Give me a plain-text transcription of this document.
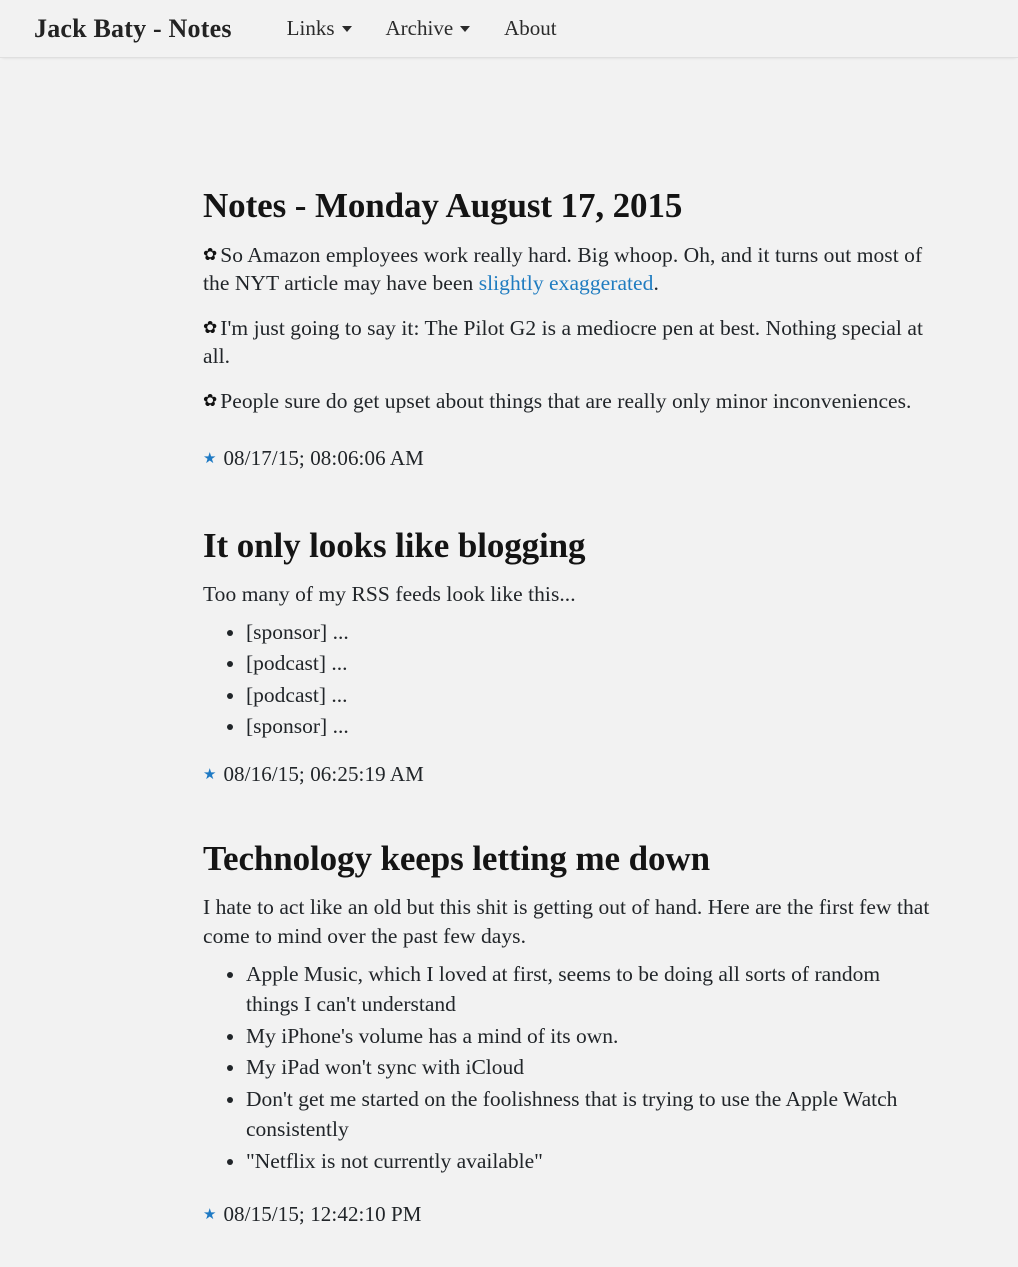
Jack Baty - Notes	Links Archive About
Notes - Monday August 17, 2015

✿ So Amazon employees work really hard. Big whoop. Oh, and it turns out most of the NYT article may have been slightly exaggerated.

✿ I'm just going to say it: The Pilot G2 is a mediocre pen at best. Nothing special at all.

✿ People sure do get upset about things that are really only minor inconveniences.

★ 08/17/15; 08:06:06 AM
It only looks like blogging

Too many of my RSS feeds look like this...

• [sponsor] ...
• [podcast] ...
• [podcast] ...
• [sponsor] ...
★ 08/16/15; 06:25:19 AM
Technology keeps letting me down

I hate to act like an old but this shit is getting out of hand. Here are the first few that come to mind over the past few days.

• Apple Music, which I loved at first, seems to be doing all sorts of random things I can't understand
• My iPhone's volume has a mind of its own.
• My iPad won't sync with iCloud
• Don't get me started on the foolishness that is trying to use the Apple Watch consistently
• "Netflix is not currently available"
★ 08/15/15; 12:42:10 PM
